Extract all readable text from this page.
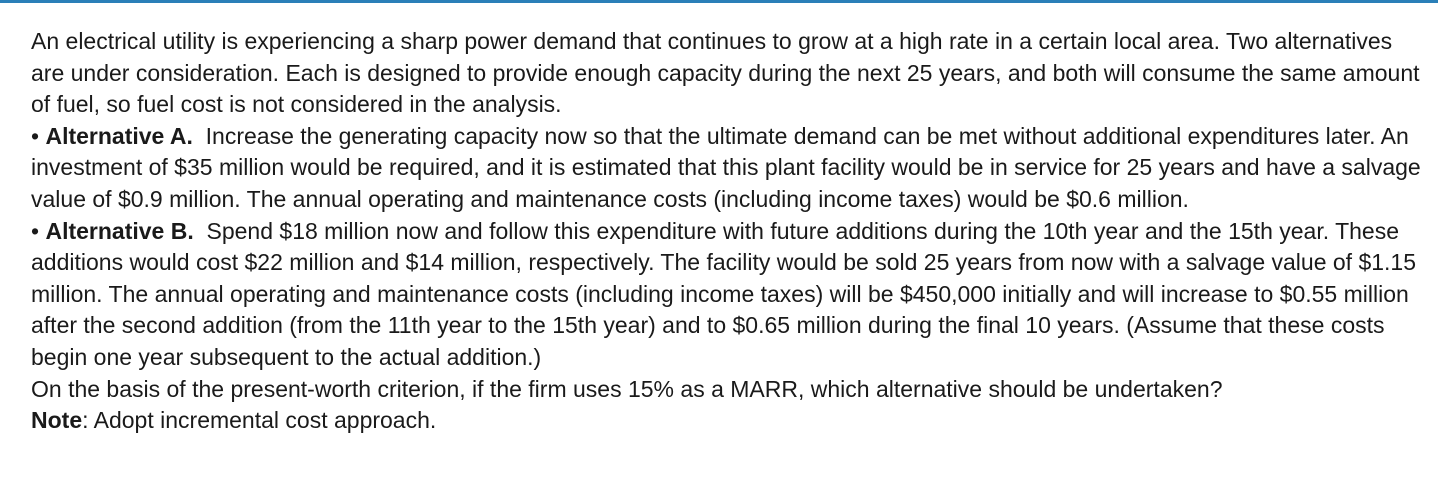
An electrical utility is experiencing a sharp power demand that continues to grow at a high rate in a certain local area. Two alternatives are under consideration. Each is designed to provide enough capacity during the next 25 years, and both will consume the same amount of fuel, so fuel cost is not considered in the analysis.

• Alternative A. Increase the generating capacity now so that the ultimate demand can be met without additional expenditures later. An investment of $35 million would be required, and it is estimated that this plant facility would be in service for 25 years and have a salvage value of $0.9 million. The annual operating and maintenance costs (including income taxes) would be $0.6 million.

• Alternative B. Spend $18 million now and follow this expenditure with future additions during the 10th year and the 15th year. These additions would cost $22 million and $14 million, respectively. The facility would be sold 25 years from now with a salvage value of $1.15 million. The annual operating and maintenance costs (including income taxes) will be $450,000 initially and will increase to $0.55 million after the second addition (from the 11th year to the 15th year) and to $0.65 million during the final 10 years. (Assume that these costs begin one year subsequent to the actual addition.)

On the basis of the present-worth criterion, if the firm uses 15% as a MARR, which alternative should be undertaken?

Note: Adopt incremental cost approach.
